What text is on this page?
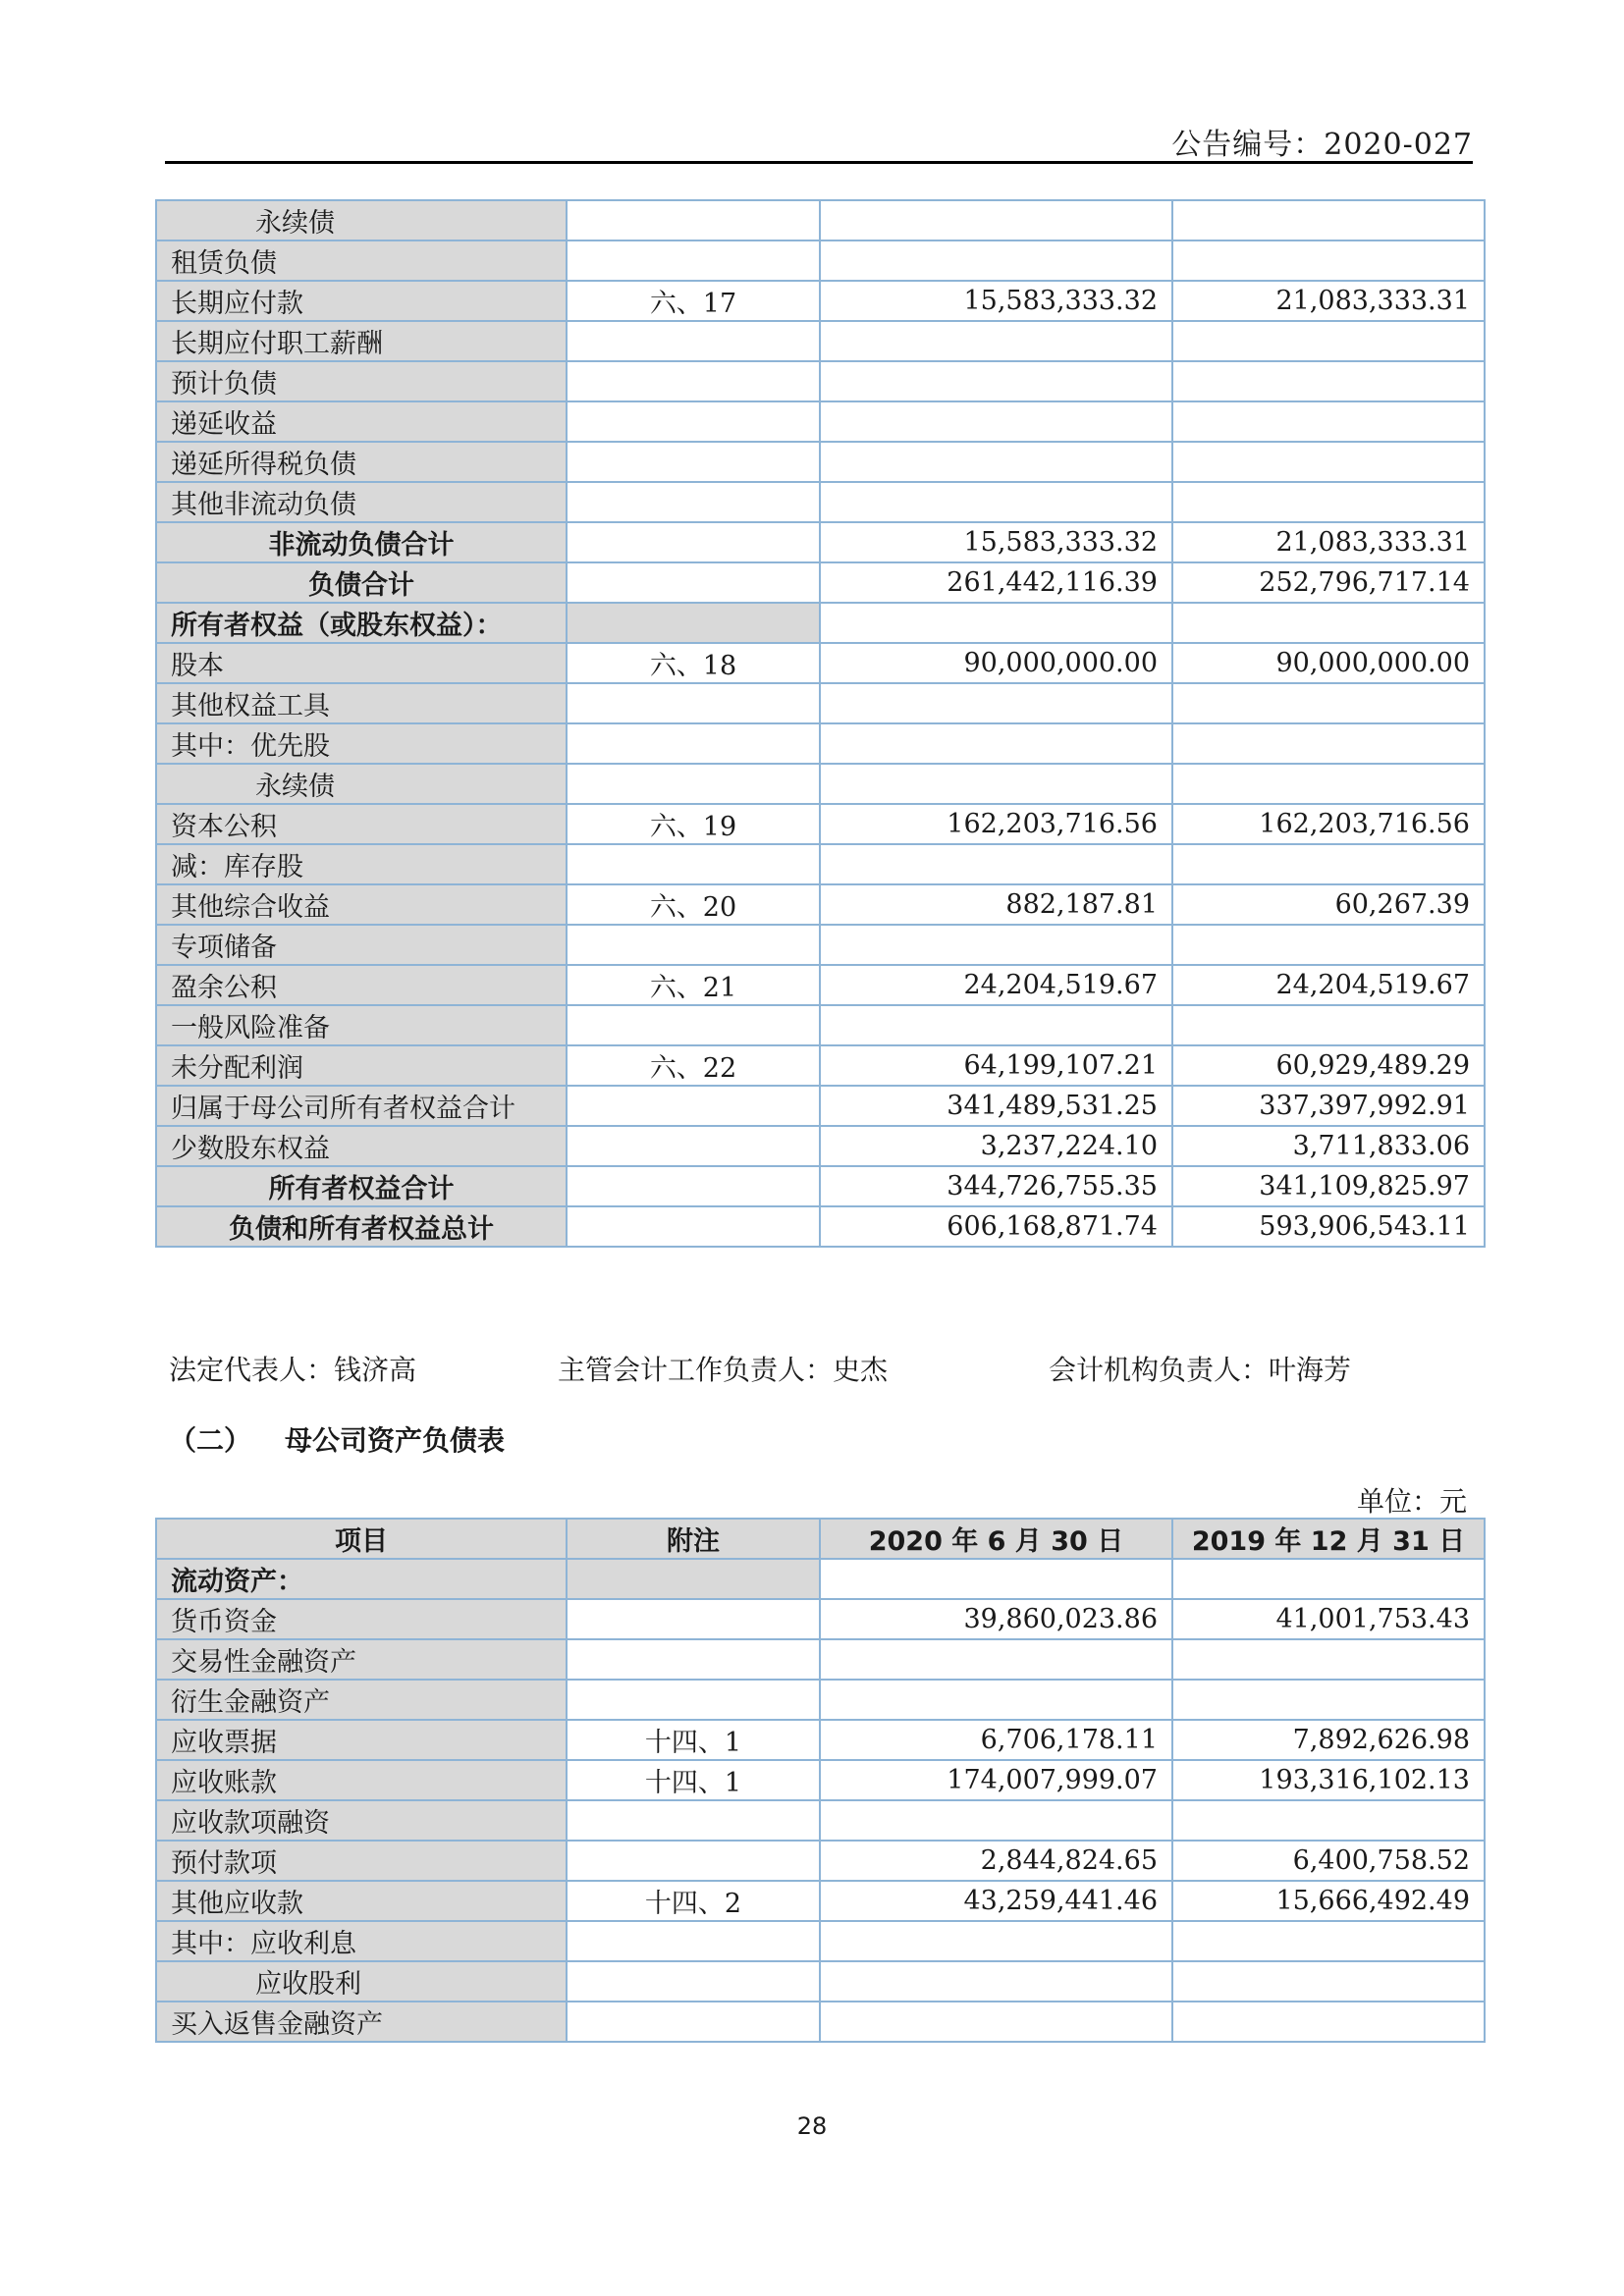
公告编号：2020-027
永续债			
租赁负债			
长期应付款	六、17	15,583,333.32	21,083,333.31
长期应付职工薪酬			
预计负债			
递延收益			
递延所得税负债			
其他非流动负债			
非流动负债合计		15,583,333.32	21,083,333.31
负债合计		261,442,116.39	252,796,717.14
所有者权益（或股东权益）：			
股本	六、18	90,000,000.00	90,000,000.00
其他权益工具			
其中：优先股			
永续债			
资本公积	六、19	162,203,716.56	162,203,716.56
减：库存股			
其他综合收益	六、20	882,187.81	60,267.39
专项储备			
盈余公积	六、21	24,204,519.67	24,204,519.67
一般风险准备			
未分配利润	六、22	64,199,107.21	60,929,489.29
归属于母公司所有者权益合计		341,489,531.25	337,397,992.91
少数股东权益		3,237,224.10	3,711,833.06
所有者权益合计		344,726,755.35	341,109,825.97
负债和所有者权益总计		606,168,871.74	593,906,543.11
法定代表人：钱济高	主管会计工作负责人：史杰	会计机构负责人：叶海芳
（二） 母公司资产负债表
单位：元
项目	附注	2020 年 6 月 30 日	2019 年 12 月 31 日
流动资产：			
货币资金		39,860,023.86	41,001,753.43
交易性金融资产			
衍生金融资产			
应收票据	十四、1	6,706,178.11	7,892,626.98
应收账款	十四、1	174,007,999.07	193,316,102.13
应收款项融资			
预付款项		2,844,824.65	6,400,758.52
其他应收款	十四、2	43,259,441.46	15,666,492.49
其中：应收利息			
应收股利			
买入返售金融资产			
28
